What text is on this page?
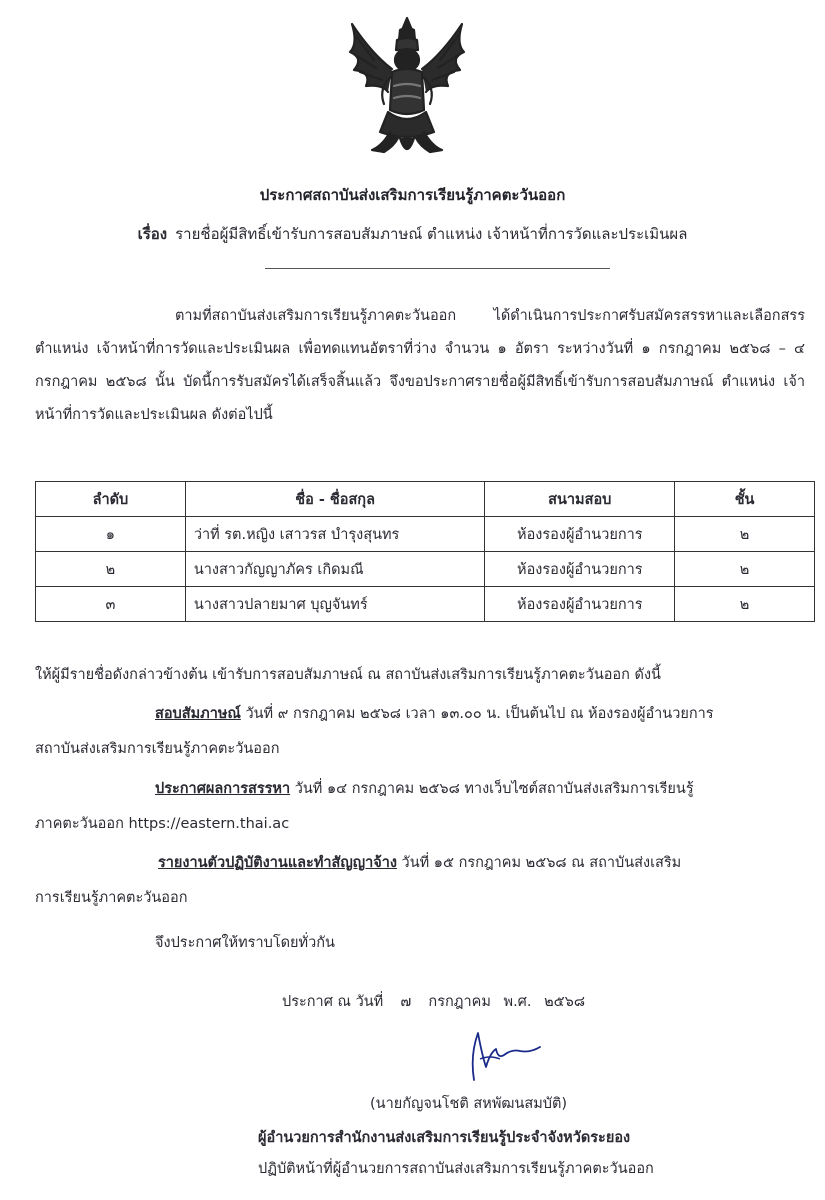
ประกาศสถาบันส่งเสริมการเรียนรู้ภาคตะวันออก
เรื่อง รายชื่อผู้มีสิทธิ์เข้ารับการสอบสัมภาษณ์ ตำแหน่ง เจ้าหน้าที่การวัดและประเมินผล
ตามที่สถาบันส่งเสริมการเรียนรู้ภาคตะวันออก ได้ดำเนินการประกาศรับสมัครสรรหาและเลือกสรร ตำแหน่ง เจ้าหน้าที่การวัดและประเมินผล เพื่อทดแทนอัตราที่ว่าง จำนวน ๑ อัตรา ระหว่างวันที่ ๑ กรกฎาคม ๒๕๖๘ – ๔ กรกฎาคม ๒๕๖๘ นั้น บัดนี้การรับสมัครได้เสร็จสิ้นแล้ว จึงขอประกาศรายชื่อผู้มีสิทธิ์เข้ารับการสอบสัมภาษณ์ ตำแหน่ง เจ้าหน้าที่การวัดและประเมินผล ดังต่อไปนี้
ลำดับ	ชื่อ - ชื่อสกุล	สนามสอบ	ชั้น
๑	ว่าที่ รต.หญิง เสาวรส บำรุงสุนทร	ห้องรองผู้อำนวยการ	๒
๒	นางสาวกัญญาภัคร เกิดมณี	ห้องรองผู้อำนวยการ	๒
๓	นางสาวปลายมาศ บุญจันทร์	ห้องรองผู้อำนวยการ	๒
ให้ผู้มีรายชื่อดังกล่าวข้างต้น เข้ารับการสอบสัมภาษณ์ ณ สถาบันส่งเสริมการเรียนรู้ภาคตะวันออก ดังนี้
สอบสัมภาษณ์ วันที่ ๙ กรกฎาคม ๒๕๖๘ เวลา ๑๓.๐๐ น. เป็นต้นไป ณ ห้องรองผู้อำนวยการ
สถาบันส่งเสริมการเรียนรู้ภาคตะวันออก
ประกาศผลการสรรหา วันที่ ๑๔ กรกฎาคม ๒๕๖๘ ทางเว็บไซต์สถาบันส่งเสริมการเรียนรู้
ภาคตะวันออก https://eastern.thai.ac
รายงานตัวปฏิบัติงานและทำสัญญาจ้าง วันที่ ๑๕ กรกฎาคม ๒๕๖๘ ณ สถาบันส่งเสริม
การเรียนรู้ภาคตะวันออก
จึงประกาศให้ทราบโดยทั่วกัน
ประกาศ ณ วันที่ ๗ กรกฎาคม พ.ศ. ๒๕๖๘
(นายกัญจนโชติ สหพัฒนสมบัติ)
ผู้อำนวยการสำนักงานส่งเสริมการเรียนรู้ประจำจังหวัดระยอง
ปฏิบัติหน้าที่ผู้อำนวยการสถาบันส่งเสริมการเรียนรู้ภาคตะวันออก
